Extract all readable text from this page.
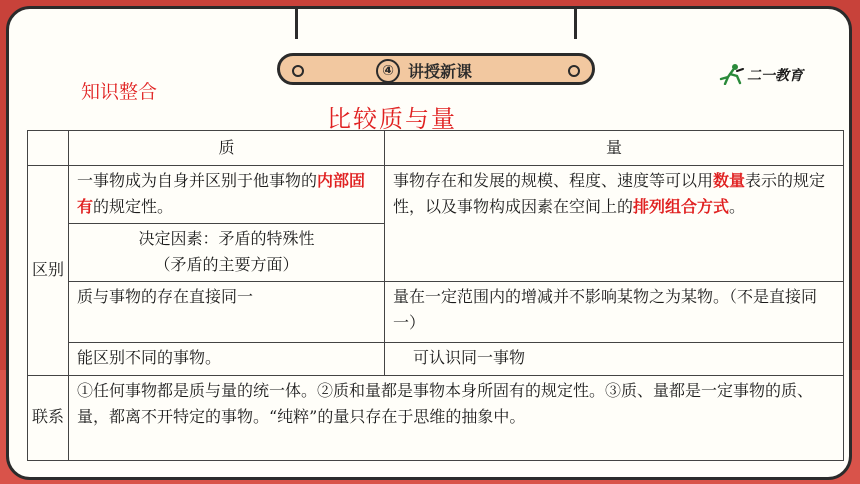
④ 讲授新课	二一教育
知识整合
比较质与量
	质	量
区别	一事物成为自身并区别于他事物的内部固有的规定性。	事物存在和发展的规模、程度、速度等可以用数量表示的规定性，以及事物构成因素在空间上的排列组合方式。

	决定因素：矛盾的特殊性
（矛盾的主要方面）	

	质与事物的存在直接同一	量在一定范围内的增减并不影响某物之为某物。（不是直接同一）
	能区别不同的事物。	可认识同一事物
联系	①任何事物都是质与量的统一体。②质和量都是事物本身所固有的规定性。③质、量都是一定事物的质、量，都离不开特定的事物。“纯粹”的量只存在于思维的抽象中。	
